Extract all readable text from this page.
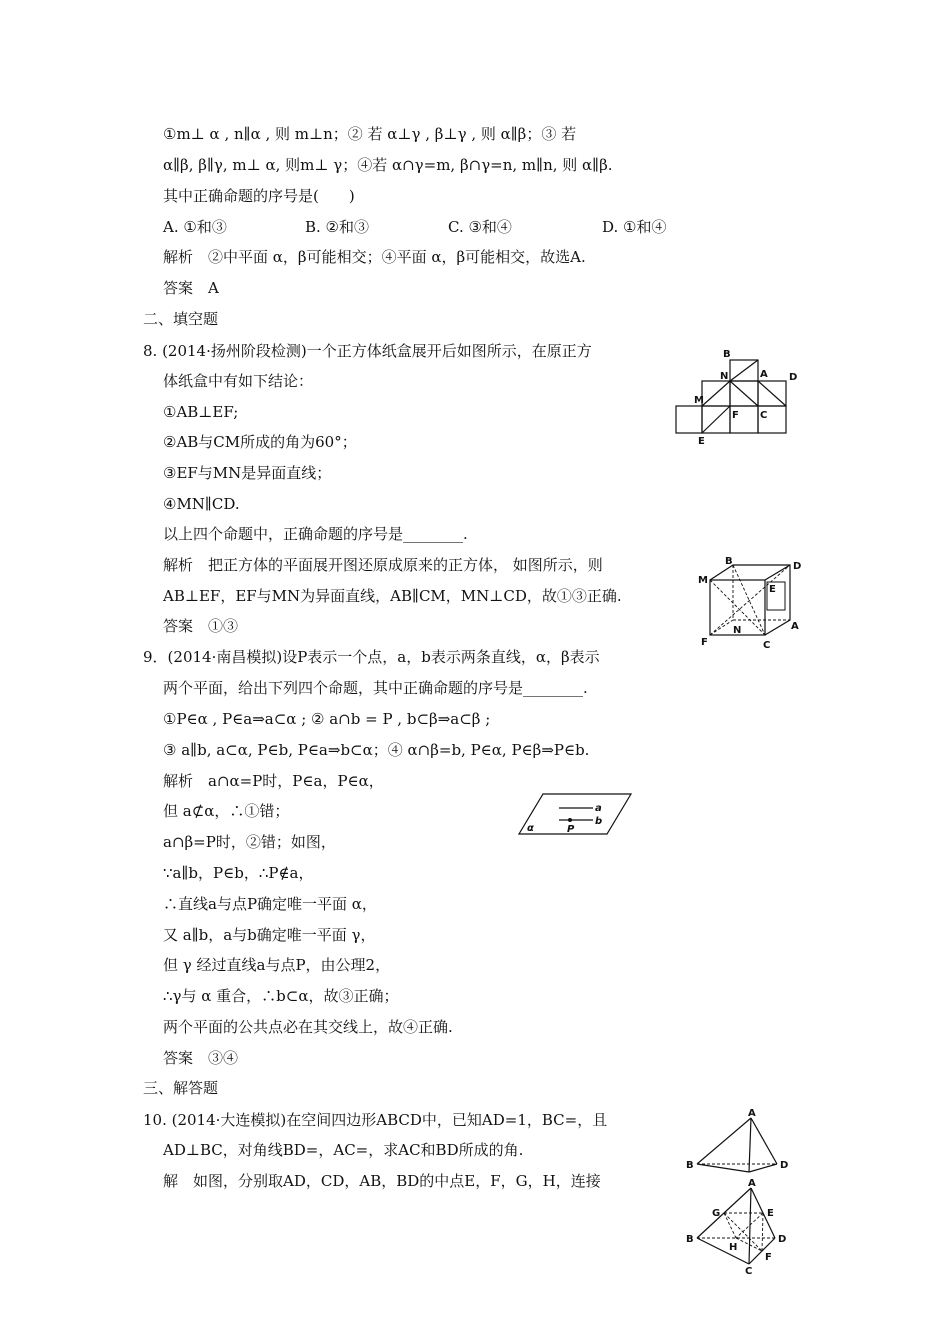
①m⊥ α , n∥α , 则 m⊥n；② 若 α⊥γ , β⊥γ , 则 α∥β；③ 若
α∥β, β∥γ, m⊥ α, 则m⊥ γ；④若 α∩γ=m, β∩γ=n, m∥n, 则 α∥β.
其中正确命题的序号是(　　)
A. ①和③	B. ②和③	C. ③和④	D. ①和④
解析　②中平面 α，β可能相交；④平面 α，β可能相交，故选A.
答案　A
二、填空题
8. (2014·扬州阶段检测)一个正方体纸盒展开后如图所示，在原正方
体纸盒中有如下结论：
①AB⊥EF;
②AB与CM所成的角为60°；
③EF与MN是异面直线；
④MN∥CD.
以上四个命题中，正确命题的序号是________.
解析　把正方体的平面展开图还原成原来的正方体， 如图所示，则
AB⊥EF，EF与MN为异面直线，AB∥CM，MN⊥CD，故①③正确.
答案　①③
B
N	A D
M
F C
E
B	D
M
E
N	A
F	C
9．(2014·南昌模拟)设P表示一个点，a，b表示两条直线，α，β表示
两个平面，给出下列四个命题，其中正确命题的序号是________.
①P∈α , P∈a⇒a⊂α ; ② a∩b = P , b⊂β⇒a⊂β ;
③ a∥b, a⊂α, P∈b, P∈a⇒b⊂α；④ α∩β=b, P∈α, P∈β⇒P∈b.
解析　a∩α=P时，P∈a，P∈α，
但 a⊄α，∴①错；
a∩β=P时，②错；如图，
∵a∥b，P∈b，∴P∉a，
∴直线a与点P确定唯一平面 α，
又 a∥b，a与b确定唯一平面 γ，
但 γ 经过直线a与点P，由公理2，
∴γ与 α 重合，∴b⊂α，故③正确；
两个平面的公共点必在其交线上，故④正确.
答案　③④
a
α	P
b
三、解答题
10. (2014·大连模拟)在空间四边形ABCD中，已知AD=1，BC=，且
AD⊥BC，对角线BD=，AC=，求AC和BD所成的角.
解　如图，分别取AD，CD，AB，BD的中点E，F，G，H，连接
A
B	D
A
G	E
B
H
D
F
C
